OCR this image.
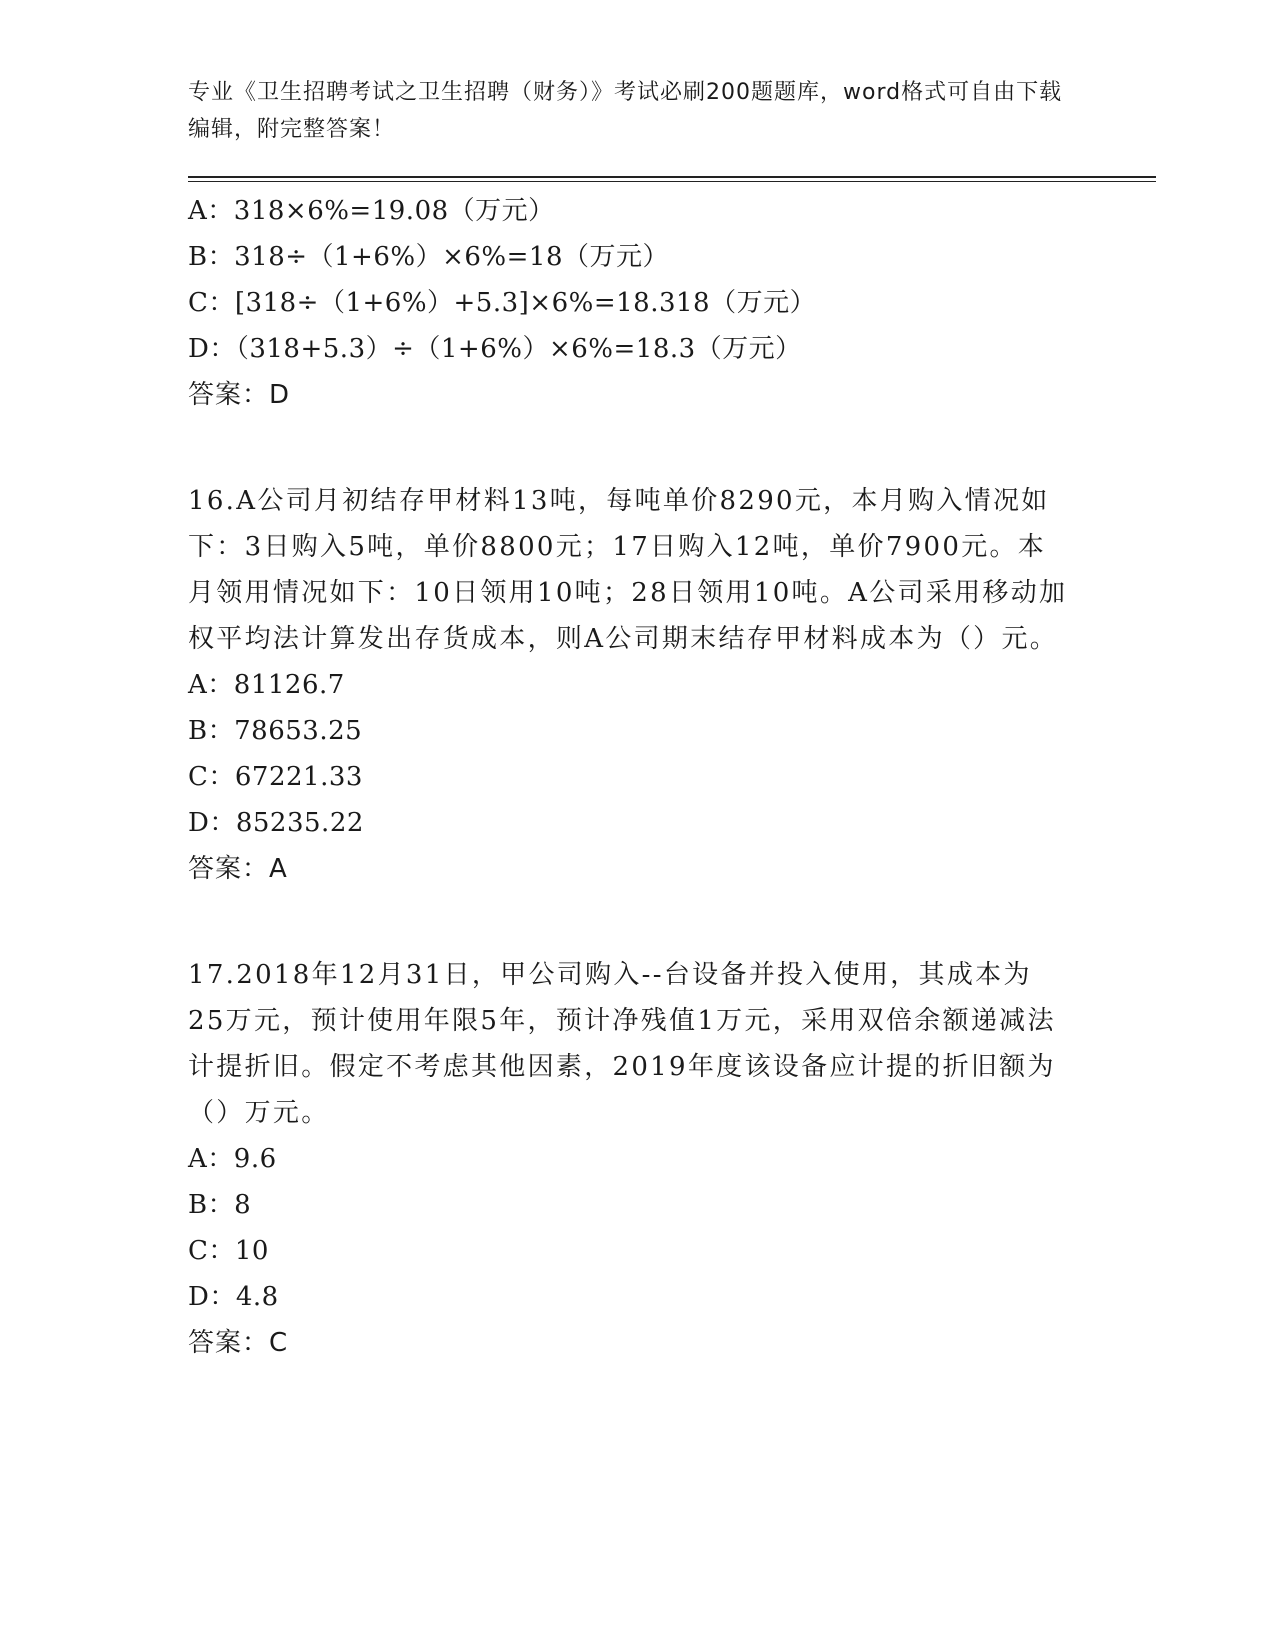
专业《卫生招聘考试之卫生招聘（财务）》考试必刷200题题库，word格式可自由下载编辑，附完整答案！
A：318×6%=19.08（万元）
B：318÷（1+6%）×6%=18（万元）
C：[318÷（1+6%）+5.3]×6%=18.318（万元）
D：（318+5.3）÷（1+6%）×6%=18.3（万元）
答案：D
16.A公司月初结存甲材料13吨，每吨单价8290元，本月购入情况如下：3日购入5吨，单价8800元；17日购入12吨，单价7900元。本月领用情况如下：10日领用10吨；28日领用10吨。A公司采用移动加权平均法计算发出存货成本，则A公司期末结存甲材料成本为（）元。
A：81126.7
B：78653.25
C：67221.33
D：85235.22
答案：A
17.2018年12月31日，甲公司购入--台设备并投入使用，其成本为25万元，预计使用年限5年，预计净残值1万元，采用双倍余额递减法计提折旧。假定不考虑其他因素，2019年度该设备应计提的折旧额为（）万元。
A：9.6
B：8
C：10
D：4.8
答案：C
